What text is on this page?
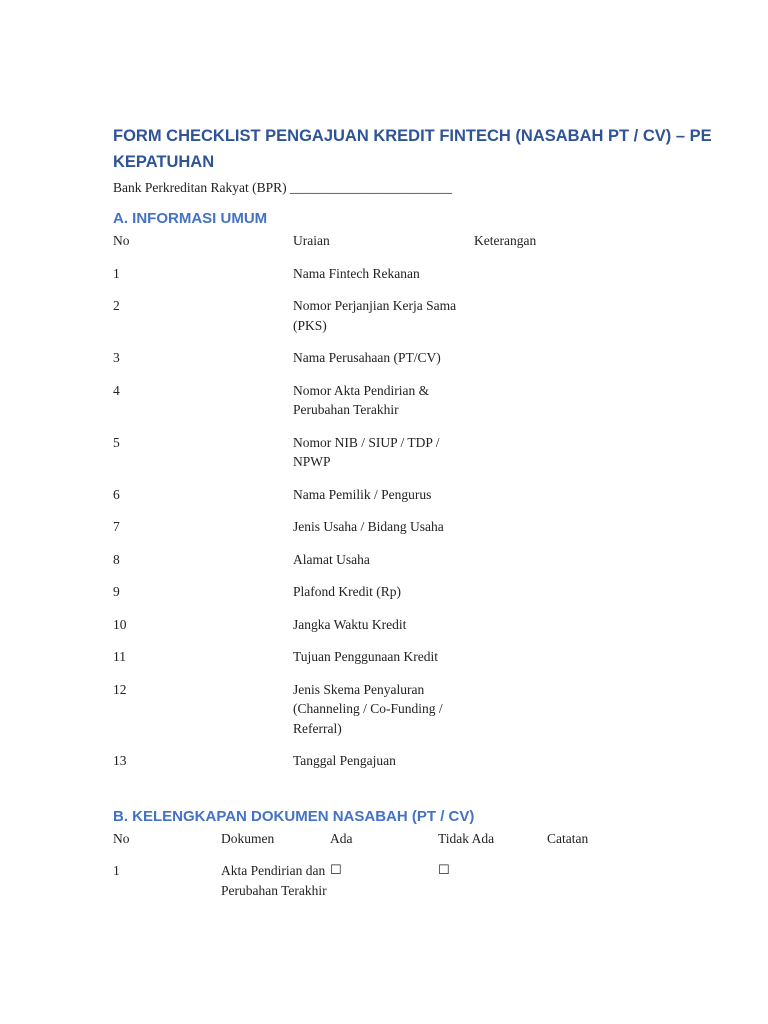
FORM CHECKLIST PENGAJUAN KREDIT FINTECH (NASABAH PT / CV) – PE
KEPATUHAN
Bank Perkreditan Rakyat (BPR) ________________________
A. INFORMASI UMUM
No	Uraian	Keterangan
1	Nama Fintech Rekanan	
2	Nomor Perjanjian Kerja Sama (PKS)	
3	Nama Perusahaan (PT/CV)	
4	Nomor Akta Pendirian & Perubahan Terakhir	
5	Nomor NIB / SIUP / TDP / NPWP	
6	Nama Pemilik / Pengurus	
7	Jenis Usaha / Bidang Usaha	
8	Alamat Usaha	
9	Plafond Kredit (Rp)	
10	Jangka Waktu Kredit	
11	Tujuan Penggunaan Kredit	
12	Jenis Skema Penyaluran (Channeling / Co-Funding / Referral)	
13	Tanggal Pengajuan	
B. KELENGKAPAN DOKUMEN NASABAH (PT / CV)
No	Dokumen	Ada	Tidak Ada	Catatan
1	Akta Pendirian dan Perubahan Terakhir	☐	☐	
